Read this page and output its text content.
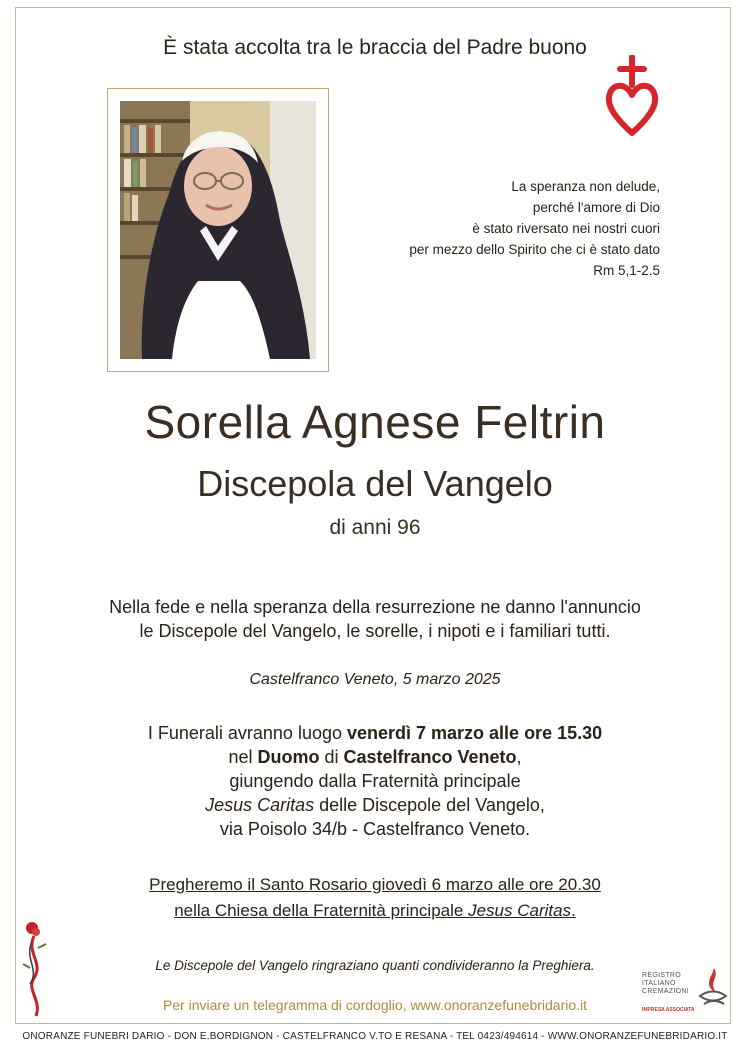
È stata accolta tra le braccia del Padre buono
La speranza non delude,
perché l'amore di Dio
è stato riversato nei nostri cuori
per mezzo dello Spirito che ci è stato dato
Rm 5,1-2.5
Sorella Agnese Feltrin
Discepola del Vangelo
di anni 96
Nella fede e nella speranza della resurrezione ne danno l'annuncio
le Discepole del Vangelo, le sorelle, i nipoti e i familiari tutti.
Castelfranco Veneto, 5 marzo 2025
I Funerali avranno luogo venerdì 7 marzo alle ore 15.30
nel Duomo di Castelfranco Veneto,
giungendo dalla Fraternità principale
Jesus Caritas delle Discepole del Vangelo,
via Poisolo 34/b - Castelfranco Veneto.
Pregheremo il Santo Rosario giovedì 6 marzo alle ore 20.30
nella Chiesa della Fraternità principale Jesus Caritas.
Le Discepole del Vangelo ringraziano quanti condivideranno la Preghiera.
Per inviare un telegramma di cordoglio, www.onoranzefunebridario.it
ONORANZE FUNEBRI DARIO - DON E.BORDIGNON - CASTELFRANCO V.TO E RESANA - TEL 0423/494614 - WWW.ONORANZEFUNEBRIDARIO.IT
REGISTRO
ITALIANO
CREMAZIONI
IMPRESA ASSOCIATA
